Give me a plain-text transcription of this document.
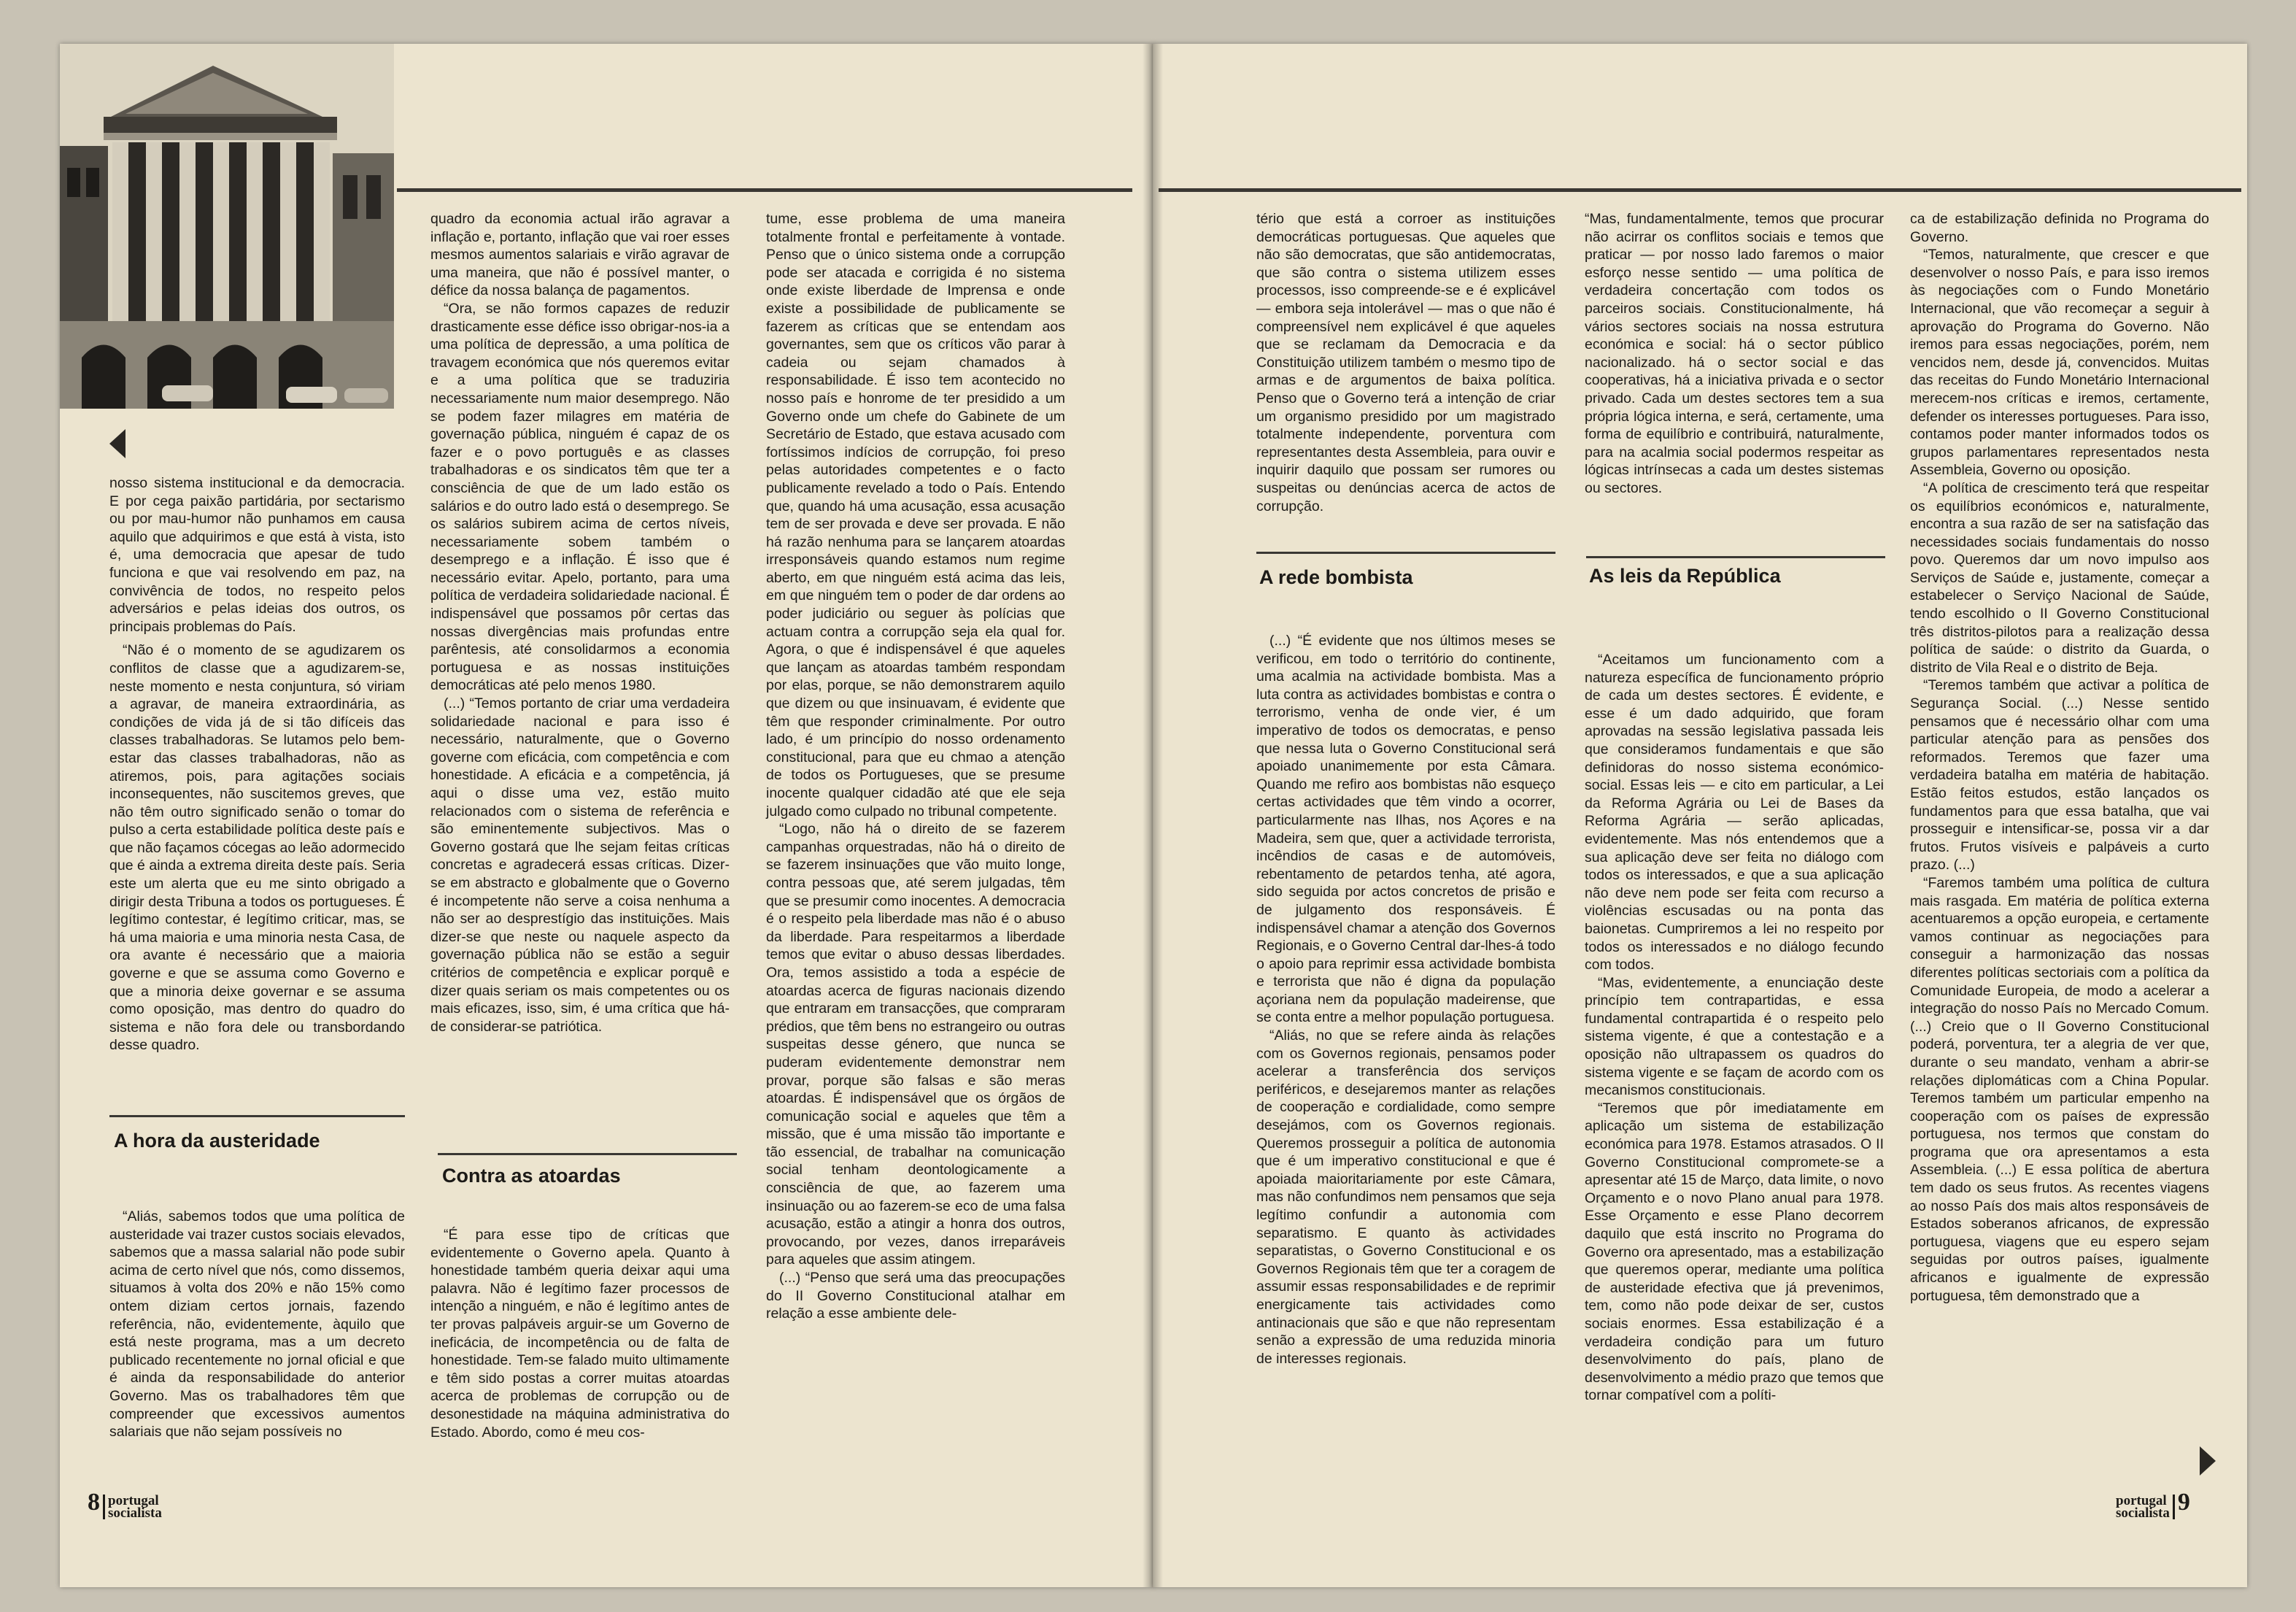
nosso sistema institucional e da democracia. E por cega paixão partidária, por sectarismo ou por mau-humor não punhamos em causa aquilo que adquirimos e que está à vista, isto é, uma democracia que apesar de tudo funciona e que vai resolvendo em paz, na convivência de todos, no respeito pelos adversários e pelas ideias dos outros, os principais problemas do País.

“Não é o momento de se agudizarem os conflitos de classe que a agudizarem-se, neste momento e nesta conjuntura, só viriam a agravar, de maneira extraordinária, as condições de vida já de si tão difíceis das classes trabalhadoras. Se lutamos pelo bem-estar das classes trabalhadoras, não as atiremos, pois, para agitações sociais inconsequentes, não suscitemos greves, que não têm outro significado senão o tomar do pulso a certa estabilidade política deste país e que não façamos cócegas ao leão adormecido que é ainda a extrema direita deste país. Seria este um alerta que eu me sinto obrigado a dirigir desta Tribuna a todos os portugueses. É legítimo contestar, é legítimo criticar, mas, se há uma maioria e uma minoria nesta Casa, de ora avante é necessário que a maioria governe e que se assuma como Governo e que a minoria deixe governar e se assuma como oposição, mas dentro do quadro do sistema e não fora dele ou transbordando desse quadro.

A hora da austeridade

“Aliás, sabemos todos que uma política de austeridade vai trazer custos sociais elevados, sabemos que a massa salarial não pode subir acima de certo nível que nós, como dissemos, situamos à volta dos 20% e não 15% como ontem diziam certos jornais, fazendo referência, não, evidentemente, àquilo que está neste programa, mas a um decreto publicado recentemente no jornal oficial e que é ainda da responsabilidade do anterior Governo. Mas os trabalhadores têm que compreender que excessivos aumentos salariais que não sejam possíveis no

quadro da economia actual irão agravar a inflação e, portanto, inflação que vai roer esses mesmos aumentos salariais e virão agravar de uma maneira, que não é possível manter, o défice da nossa balança de pagamentos.

“Ora, se não formos capazes de reduzir drasticamente esse défice isso obrigar-nos-ia a uma política de depressão, a uma política de travagem económica que nós queremos evitar e a uma política que se traduziria necessariamente num maior desemprego. Não se podem fazer milagres em matéria de governação pública, ninguém é capaz de os fazer e o povo português e as classes trabalhadoras e os sindicatos têm que ter a consciência de que de um lado estão os salários e do outro lado está o desemprego. Se os salários subirem acima de certos níveis, necessariamente sobem também o desemprego e a inflação. É isso que é necessário evitar. Apelo, portanto, para uma política de verdadeira solidariedade nacional. É indispensável que possamos pôr certas das nossas divergências mais profundas entre parêntesis, até consolidarmos a economia portuguesa e as nossas instituições democráticas até pelo menos 1980.

(...) “Temos portanto de criar uma verdadeira solidariedade nacional e para isso é necessário, naturalmente, que o Governo governe com eficácia, com competência e com honestidade. A eficácia e a competência, já aqui o disse uma vez, estão muito relacionados com o sistema de referência e são eminentemente subjectivos. Mas o Governo gostará que lhe sejam feitas críticas concretas e agradecerá essas críticas. Dizer-se em abstracto e globalmente que o Governo é incompetente não serve a coisa nenhuma a não ser ao desprestígio das instituições. Mais dizer-se que neste ou naquele aspecto da governação pública não se estão a seguir critérios de competência e explicar porquê e dizer quais seriam os mais competentes ou os mais eficazes, isso, sim, é uma crítica que há-de considerar-se patriótica.

Contra as atoardas

“É para esse tipo de críticas que evidentemente o Governo apela. Quanto à honestidade também queria deixar aqui uma palavra. Não é legítimo fazer processos de intenção a ninguém, e não é legítimo antes de ter provas palpáveis arguir-se um Governo de ineficácia, de incompetência ou de falta de honestidade. Tem-se falado muito ultimamente e têm sido postas a correr muitas atoardas acerca de problemas de corrupção ou de desonestidade na máquina administrativa do Estado. Abordo, como é meu cos-

tume, esse problema de uma maneira totalmente frontal e perfeitamente à vontade. Penso que o único sistema onde a corrupção pode ser atacada e corrigida é no sistema onde existe liberdade de Imprensa e onde existe a possibilidade de publicamente se fazerem as críticas que se entendam aos governantes, sem que os críticos vão parar à cadeia ou sejam chamados à responsabilidade. É isso tem acontecido no nosso país e honrome de ter presidido a um Governo onde um chefe do Gabinete de um Secretário de Estado, que estava acusado com fortíssimos indícios de corrupção, foi preso pelas autoridades competentes e o facto publicamente revelado a todo o País. Entendo que, quando há uma acusação, essa acusação tem de ser provada e deve ser provada. E não há razão nenhuma para se lançarem atoardas irresponsáveis quando estamos num regime aberto, em que ninguém está acima das leis, em que ninguém tem o poder de dar ordens ao poder judiciário ou seguer às polícias que actuam contra a corrupção seja ela qual for. Agora, o que é indispensável é que aqueles que lançam as atoardas também respondam por elas, porque, se não demonstrarem aquilo que dizem ou que insinuavam, é evidente que têm que responder criminalmente. Por outro lado, é um princípio do nosso ordenamento constitucional, para que eu chmao a atenção de todos os Portugueses, que se presume inocente qualquer cidadão até que ele seja julgado como culpado no tribunal competente.

“Logo, não há o direito de se fazerem campanhas orquestradas, não há o direito de se fazerem insinuações que vão muito longe, contra pessoas que, até serem julgadas, têm que se presumir como inocentes. A democracia é o respeito pela liberdade mas não é o abuso da liberdade. Para respeitarmos a liberdade temos que evitar o abuso dessas liberdades. Ora, temos assistido a toda a espécie de atoardas acerca de figuras nacionais dizendo que entraram em transacções, que compraram prédios, que têm bens no estrangeiro ou outras suspeitas desse género, que nunca se puderam evidentemente demonstrar nem provar, porque são falsas e são meras atoardas. É indispensável que os órgãos de comunicação social e aqueles que têm a missão, que é uma missão tão importante e tão essencial, de trabalhar na comunicação social tenham deontologicamente a consciência de que, ao fazerem uma insinuação ou ao fazerem-se eco de uma falsa acusação, estão a atingir a honra dos outros, provocando, por vezes, danos irreparáveis para aqueles que assim atingem.

(...) “Penso que será uma das preocupações do II Governo Constitucional atalhar em relação a esse ambiente dele-

8 portugal
socialista

tério que está a corroer as instituições democráticas portuguesas. Que aqueles que não são democratas, que são antidemocratas, que são contra o sistema utilizem esses processos, isso compreende-se e é explicável — embora seja intolerável — mas o que não é compreensível nem explicável é que aqueles que se reclamam da Democracia e da Constituição utilizem também o mesmo tipo de armas e de argumentos de baixa política. Penso que o Governo terá a intenção de criar um organismo presidido por um magistrado totalmente independente, porventura com representantes desta Assembleia, para ouvir e inquirir daquilo que possam ser rumores ou suspeitas ou denúncias acerca de actos de corrupção.

A rede bombista

(...) “É evidente que nos últimos meses se verificou, em todo o território do continente, uma acalmia na actividade bombista. Mas a luta contra as actividades bombistas e contra o terrorismo, venha de onde vier, é um imperativo de todos os democratas, e penso que nessa luta o Governo Constitucional será apoiado unanimemente por esta Câmara. Quando me refiro aos bombistas não esqueço certas actividades que têm vindo a ocorrer, particularmente nas Ilhas, nos Açores e na Madeira, sem que, quer a actividade terrorista, incêndios de casas e de automóveis, rebentamento de petardos tenha, até agora, sido seguida por actos concretos de prisão e de julgamento dos responsáveis. É indispensável chamar a atenção dos Governos Regionais, e o Governo Central dar-lhes-á todo o apoio para reprimir essa actividade bombista e terrorista que não é digna da população açoriana nem da população madeirense, que se conta entre a melhor população portuguesa.

“Aliás, no que se refere ainda às relações com os Governos regionais, pensamos poder acelerar a transferência dos serviços periféricos, e desejaremos manter as relações de cooperação e cordialidade, como sempre desejámos, com os Governos regionais. Queremos prosseguir a política de autonomia que é um imperativo constitucional e que é apoiada maioritariamente por este Câmara, mas não confundimos nem pensamos que seja legítimo confundir a autonomia com separatismo. E quanto às actividades separatistas, o Governo Constitucional e os Governos Regionais têm que ter a coragem de assumir essas responsabilidades e de reprimir energicamente tais actividades como antinacionais que são e que não representam senão a expressão de uma reduzida minoria de interesses regionais.

“Mas, fundamentalmente, temos que procurar não acirrar os conflitos sociais e temos que praticar — por nosso lado faremos o maior esforço nesse sentido — uma política de verdadeira concertação com todos os parceiros sociais. Constitucionalmente, há vários sectores sociais na nossa estrutura económica e social: há o sector público nacionalizado. há o sector social e das cooperativas, há a iniciativa privada e o sector privado. Cada um destes sectores tem a sua própria lógica interna, e será, certamente, uma forma de equilíbrio e contribuirá, naturalmente, para na acalmia social podermos respeitar as lógicas intrínsecas a cada um destes sistemas ou sectores.

As leis da República

“Aceitamos um funcionamento com a natureza específica de funcionamento próprio de cada um destes sectores. É evidente, e esse é um dado adquirido, que foram aprovadas na sessão legislativa passada leis que consideramos fundamentais e que são definidoras do nosso sistema económico-social. Essas leis — e cito em particular, a Lei da Reforma Agrária ou Lei de Bases da Reforma Agrária — serão aplicadas, evidentemente. Mas nós entendemos que a sua aplicação deve ser feita no diálogo com todos os interessados, e que a sua aplicação não deve nem pode ser feita com recurso a violências escusadas ou na ponta das baionetas. Cumpriremos a lei no respeito por todos os interessados e no diálogo fecundo com todos.

“Mas, evidentemente, a enunciação deste princípio tem contrapartidas, e essa fundamental contrapartida é o respeito pelo sistema vigente, é que a contestação e a oposição não ultrapassem os quadros do sistema vigente e se façam de acordo com os mecanismos constitucionais.

“Teremos que pôr imediatamente em aplicação um sistema de estabilização económica para 1978. Estamos atrasados. O II Governo Constitucional compromete-se a apresentar até 15 de Março, data limite, o novo Orçamento e o novo Plano anual para 1978. Esse Orçamento e esse Plano decorrem daquilo que está inscrito no Programa do Governo ora apresentado, mas a estabilização que queremos operar, mediante uma política de austeridade efectiva que já prevenimos, tem, como não pode deixar de ser, custos sociais enormes. Essa estabilização é a verdadeira condição para um futuro desenvolvimento do país, plano de desenvolvimento a médio prazo que temos que tornar compatível com a políti-

ca de estabilização definida no Programa do Governo.

“Temos, naturalmente, que crescer e que desenvolver o nosso País, e para isso iremos às negociações com o Fundo Monetário Internacional, que vão recomeçar a seguir à aprovação do Programa do Governo. Não iremos para essas negociações, porém, nem vencidos nem, desde já, convencidos. Muitas das receitas do Fundo Monetário Internacional merecem-nos críticas e iremos, certamente, defender os interesses portugueses. Para isso, contamos poder manter informados todos os grupos parlamentares representados nesta Assembleia, Governo ou oposição.

“A política de crescimento terá que respeitar os equilíbrios económicos e, naturalmente, encontra a sua razão de ser na satisfação das necessidades sociais fundamentais do nosso povo. Queremos dar um novo impulso aos Serviços de Saúde e, justamente, começar a estabelecer o Serviço Nacional de Saúde, tendo escolhido o II Governo Constitucional três distritos-pilotos para a realização dessa política de saúde: o distrito da Guarda, o distrito de Vila Real e o distrito de Beja.

“Teremos também que activar a política de Segurança Social. (...) Nesse sentido pensamos que é necessário olhar com uma particular atenção para as pensões dos reformados. Teremos que fazer uma verdadeira batalha em matéria de habitação. Estão feitos estudos, estão lançados os fundamentos para que essa batalha, que vai prosseguir e intensificar-se, possa vir a dar frutos. Frutos visíveis e palpáveis a curto prazo. (...)

“Faremos também uma política de cultura mais rasgada. Em matéria de política externa acentuaremos a opção europeia, e certamente vamos continuar as negociações para conseguir a harmonização das nossas diferentes políticas sectoriais com a política da Comunidade Europeia, de modo a acelerar a integração do nosso País no Mercado Comum. (...) Creio que o II Governo Constitucional poderá, porventura, ter a alegria de ver que, durante o seu mandato, venham a abrir-se relações diplomáticas com a China Popular. Teremos também um particular empenho na cooperação com os países de expressão portuguesa, nos termos que constam do programa que ora apresentamos a esta Assembleia. (...) E essa política de abertura tem dado os seus frutos. As recentes viagens ao nosso País dos mais altos responsáveis de Estados soberanos africanos, de expressão portuguesa, viagens que eu espero sejam seguidas por outros países, igualmente africanos e igualmente de expressão portuguesa, têm demonstrado que a

portugal
socialista 9
